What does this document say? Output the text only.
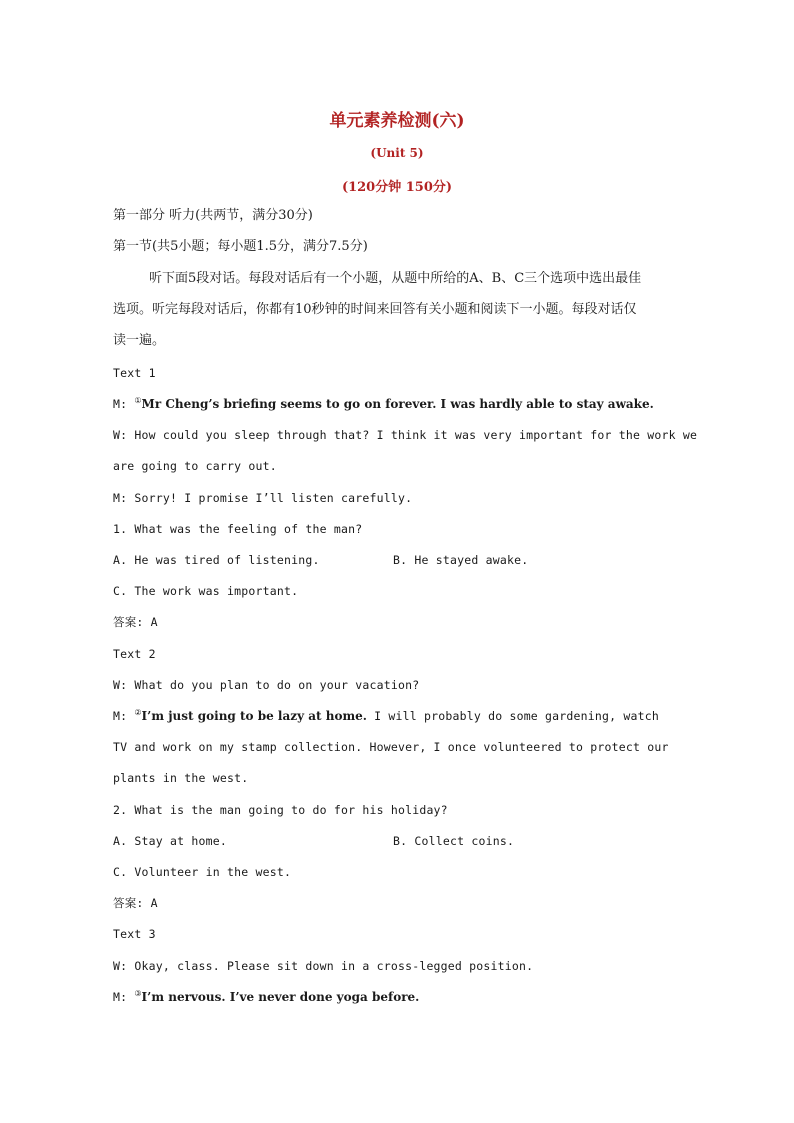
单元素养检测(六)
(Unit 5)
(120分钟 150分)
第一部分 听力(共两节，满分30分)
第一节(共5小题；每小题1.5分，满分7.5分)
听下面5段对话。每段对话后有一个小题，从题中所给的A、B、C三个选项中选出最佳
选项。听完每段对话后，你都有10秒钟的时间来回答有关小题和阅读下一小题。每段对话仅
读一遍。
Text 1
M: ①Mr Cheng’s briefing seems to go on forever. I was hardly able to stay awake.
W: How could you sleep through that? I think it was very important for the work we
are going to carry out.
M: Sorry! I promise I’ll listen carefully.
1. What was the feeling of the man?
A. He was tired of listening.	B. He stayed awake.
C. The work was important.
答案: A
Text 2
W: What do you plan to do on your vacation?
M: ②I’m just going to be lazy at home. I will probably do some gardening, watch
TV and work on my stamp collection. However, I once volunteered to protect our
plants in the west.
2. What is the man going to do for his holiday?
A. Stay at home.	B. Collect coins.
C. Volunteer in the west.
答案: A
Text 3
W: Okay, class. Please sit down in a cross-legged position.
M: ③I’m nervous. I’ve never done yoga before.
